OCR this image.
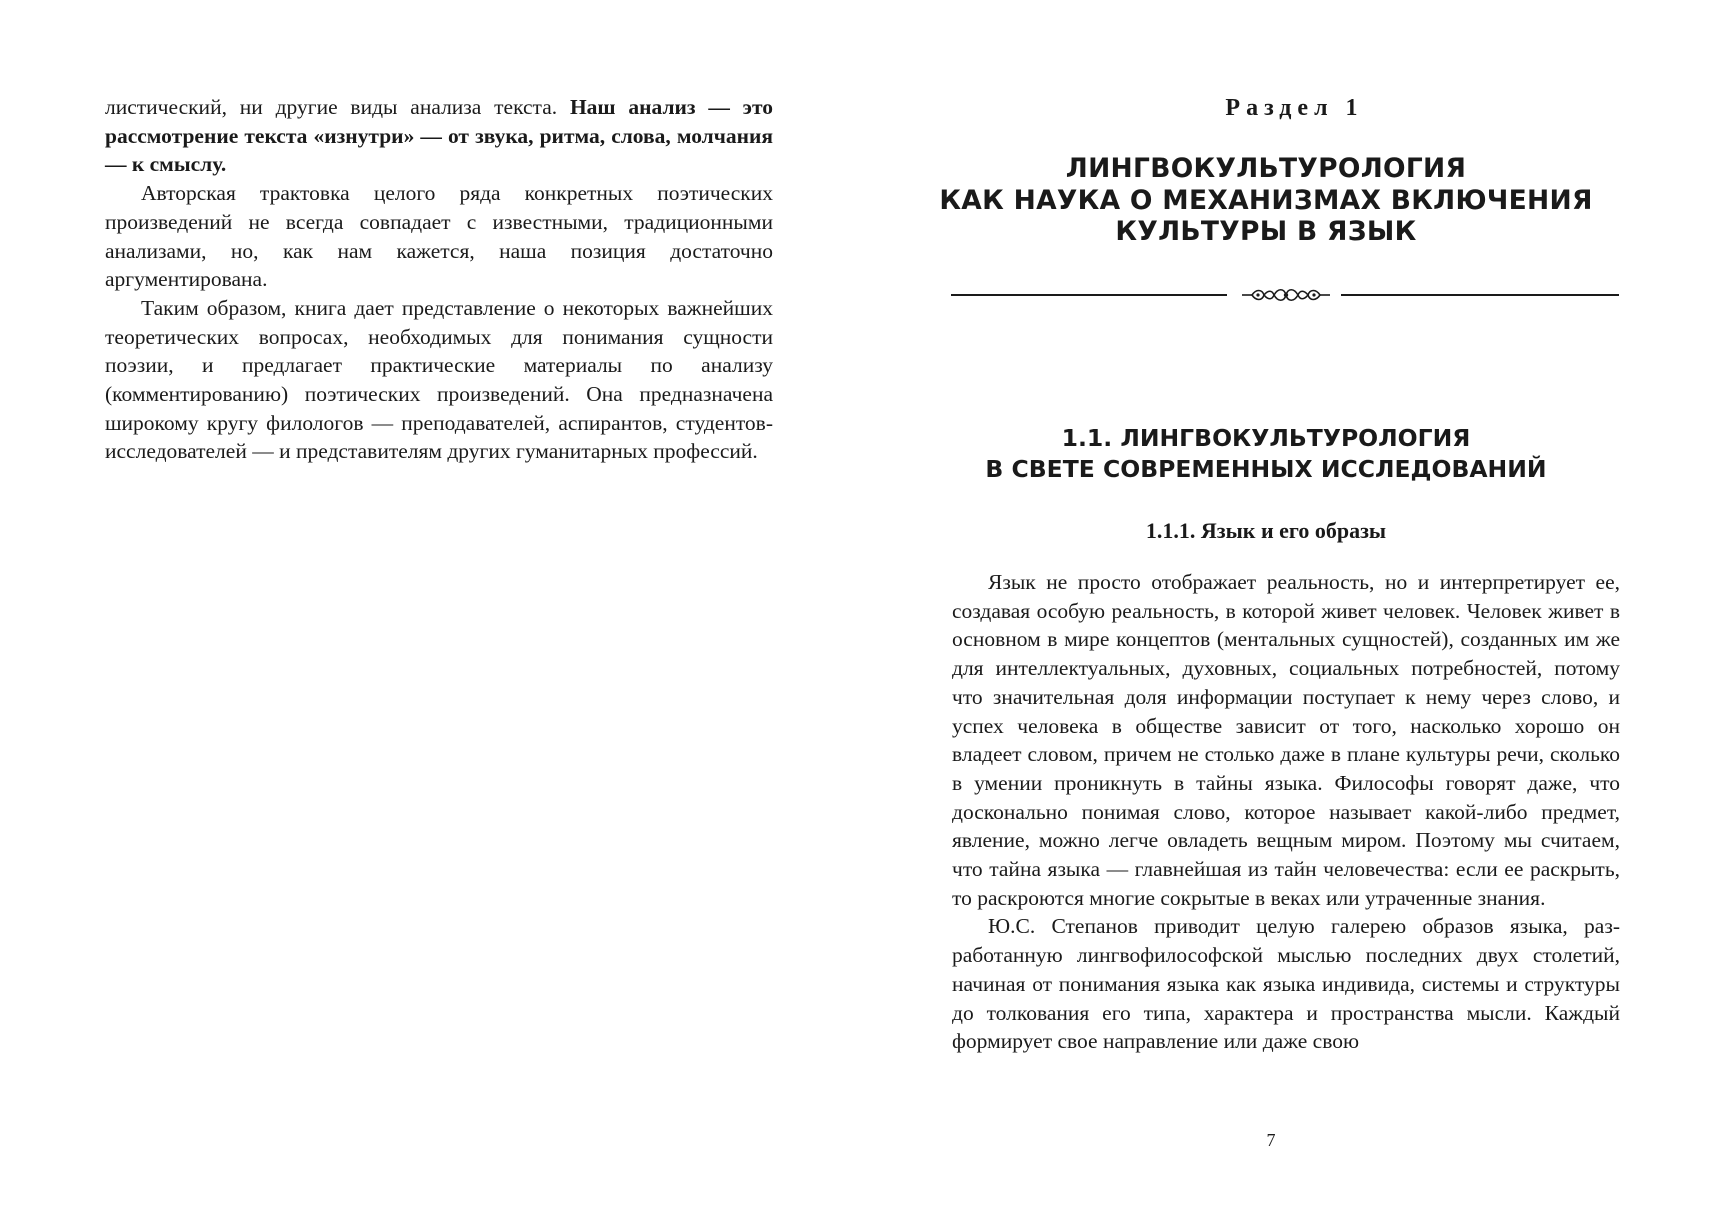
листический, ни другие виды анализа текста. Наш анализ — это рассмотрение текста «изнутри» — от звука, ритма, слова, молчания — к смыслу.

Авторская трактовка целого ряда конкретных поэтических произведений не всегда совпадает с известными, традиционными анализами, но, как нам кажется, наша позиция достаточно аргументирована.

Таким образом, книга дает представление о некоторых важнейших теоретических вопросах, необходимых для понимания сущности поэзии, и предлагает практические материалы по анализу (комментированию) поэтических произведений. Она предназначена широкому кругу филологов — преподавателей, аспирантов, студентов-исследователей — и представителям других гуманитарных профессий.

Раздел 1
ЛИНГВОКУЛЬТУРОЛОГИЯ
КАК НАУКА О МЕХАНИЗМАХ ВКЛЮЧЕНИЯ
КУЛЬТУРЫ В ЯЗЫК
1.1. ЛИНГВОКУЛЬТУРОЛОГИЯ
В СВЕТЕ СОВРЕМЕННЫХ ИССЛЕДОВАНИЙ
1.1.1. Язык и его образы

Язык не просто отображает реальность, но и интерпретирует ее, создавая особую реальность, в которой живет человек. Человек живет в основном в мире концептов (ментальных сущностей), созданных им же для интеллектуальных, духовных, социальных потребностей, потому что значительная доля информации поступает к нему через слово, и успех человека в обществе зависит от того, насколько хорошо он владеет словом, причем не столько даже в плане культуры речи, сколько в умении проникнуть в тайны языка. Философы говорят даже, что досконально понимая слово, которое называет какой-либо предмет, явление, можно легче овладеть вещным миром. Поэтому мы считаем, что тайна языка — главнейшая из тайн человечества: если ее раскрыть, то раскроются многие сокрытые в веках или утраченные знания.

Ю.С. Степанов приводит целую галерею образов языка, разработанную лингвофилософской мыслью последних двух столетий, начиная от понимания языка как языка индивида, системы и структуры до толкования его типа, характера и пространства мысли. Каждый формирует свое направление или даже свою

7
